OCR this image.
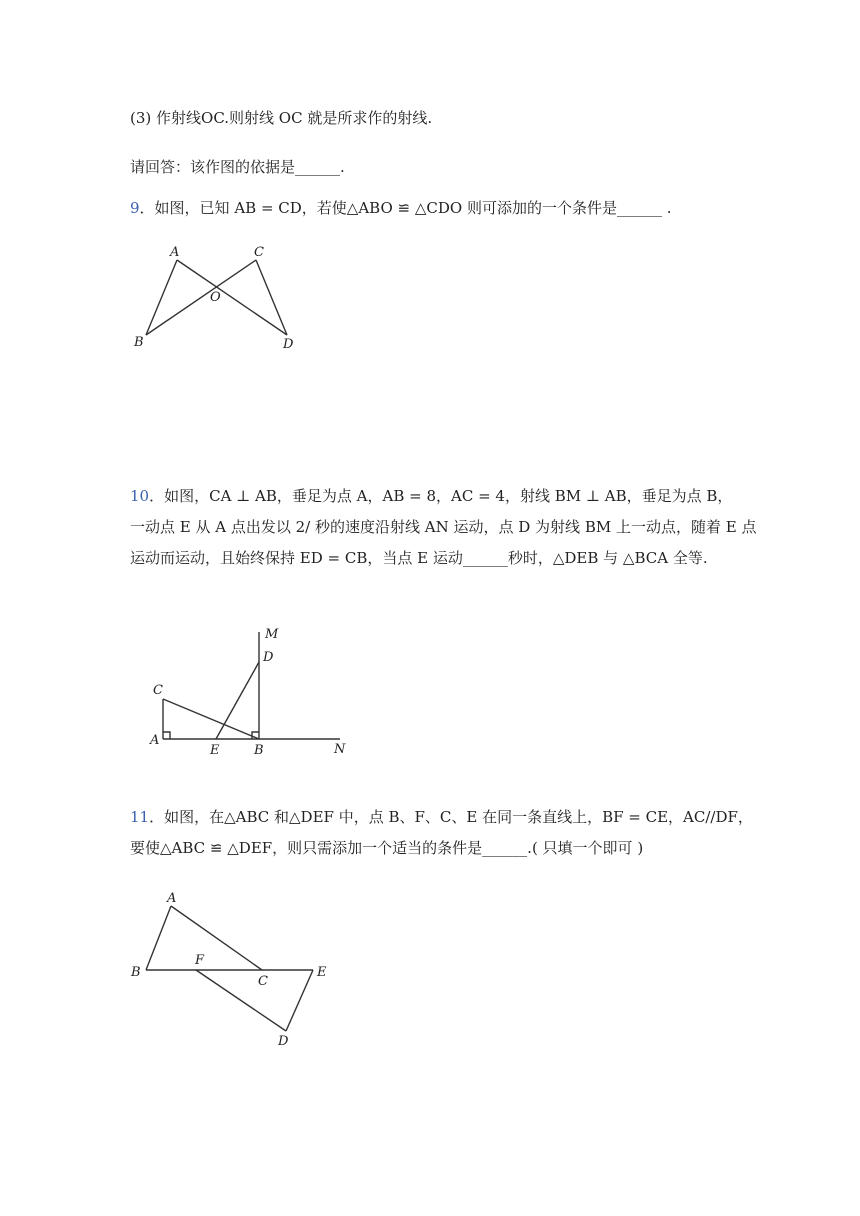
(3) 作射线OC.则射线 OC 就是所求作的射线.
请回答：该作图的依据是______.
9．如图，已知 AB = CD，若使△ABO ≌ △CDO 则可添加的一个条件是______ .
A	C
O
B	D
10．如图，CA ⊥ AB，垂足为点 A，AB = 8，AC = 4，射线 BM ⊥ AB，垂足为点 B，
一动点 E 从 A 点出发以 2/ 秒的速度沿射线 AN 运动，点 D 为射线 BM 上一动点，随着 E 点
运动而运动，且始终保持 ED = CB，当点 E 运动______秒时，△DEB 与 △BCA 全等.
M
D
C
A
E	B	N
11．如图，在△ABC 和△DEF 中，点 B、F、C、E 在同一条直线上，BF = CE，AC//DF，
要使△ABC ≌ △DEF，则只需添加一个适当的条件是______.( 只填一个即可 )
A
B
F
C
E
D
